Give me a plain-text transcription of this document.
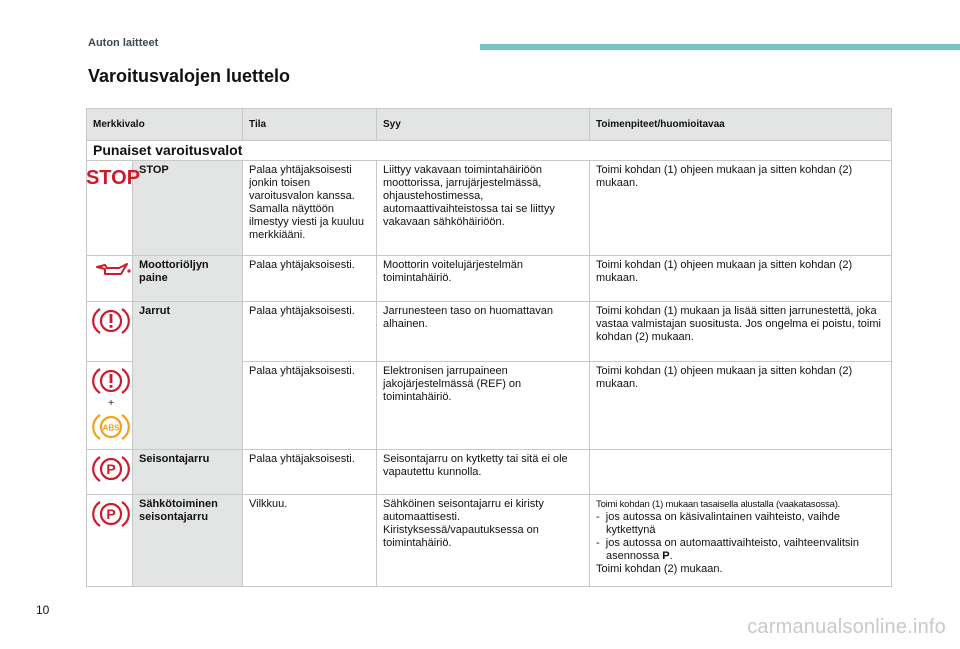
Auton laitteet
Varoitusvalojen luettelo
Merkkivalo		Tila	Syy	Toimenpiteet/huomioitavaa
Punaiset varoitusvalot				

STOP	STOP	Palaa yhtäjaksoisesti jonkin toisen varoitusvalon kanssa. Samalla näyttöön ilmestyy viesti ja kuuluu merkkiääni.	Liittyy vakavaan toimintahäiriöön moottorissa, jarrujärjestelmässä, ohjaustehostimessa, automaattivaihteistossa tai se liittyy vakavaan sähköhäiriöön.	Toimi kohdan (1) ohjeen mukaan ja sitten kohdan (2) mukaan.

	Moottoriöljyn paine	Palaa yhtäjaksoisesti.	Moottorin voitelujärjestelmän toimintahäiriö.	Toimi kohdan (1) ohjeen mukaan ja sitten kohdan (2) mukaan.

	Jarrut	Palaa yhtäjaksoisesti.	Jarrunesteen taso on huomattavan alhainen.	Toimi kohdan (1) mukaan ja lisää sitten jarrunestettä, joka vastaa valmistajan suositusta. Jos ongelma ei poistu, toimi kohdan (2) mukaan.

+
ABS		Palaa yhtäjaksoisesti.	Elektronisen jarrupaineen jakojärjestelmässä (REF) on toimintahäiriö.	Toimi kohdan (1) ohjeen mukaan ja sitten kohdan (2) mukaan.

P	Seisontajarru	Palaa yhtäjaksoisesti.	Seisontajarru on kytketty tai sitä ei ole vapautettu kunnolla.	

P	Sähkötoiminen seisontajarru	Vilkkuu.	Sähköinen seisontajarru ei kiristy automaattisesti. Kiristyksessä/vapautuksessa on toimintahäiriö.	Toimi kohdan (1) mukaan tasaisella alustalla (vaakatasossa).
-  jos autossa on käsivalintainen vaihteisto, vaihde kytkettynä
-  jos autossa on automaattivaihteisto, vaihteenvalitsin asennossa P.
Toimi kohdan (2) mukaan.
10
carmanualsonline.info
